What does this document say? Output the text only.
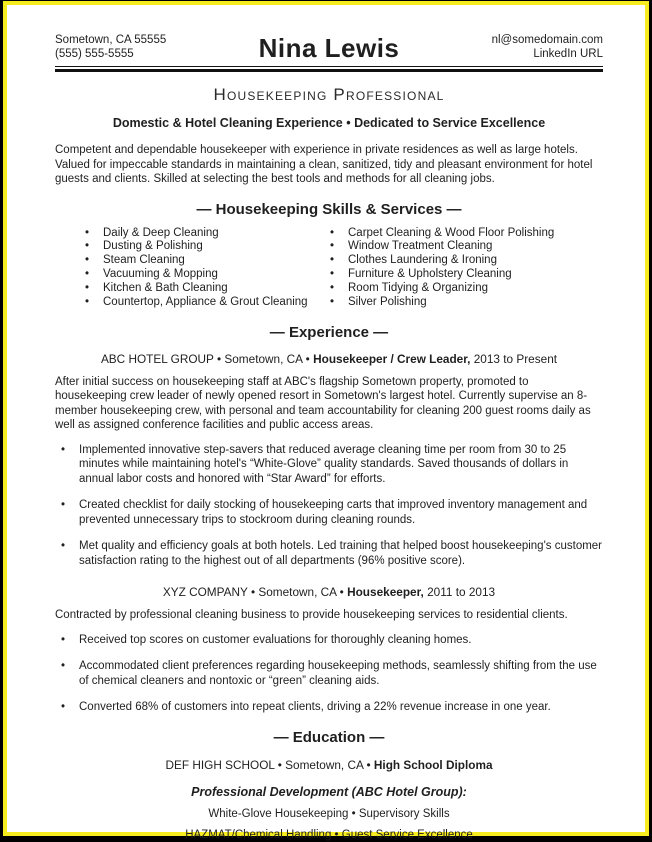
Sometown, CA 55555
(555) 555-5555	Nina Lewis	nl@somedomain.com
LinkedIn URL
Housekeeping Professional
Domestic & Hotel Cleaning Experience • Dedicated to Service Excellence
Competent and dependable housekeeper with experience in private residences as well as large hotels. Valued for impeccable standards in maintaining a clean, sanitized, tidy and pleasant environment for hotel guests and clients. Skilled at selecting the best tools and methods for all cleaning jobs.
— Housekeeping Skills & Services —
• Daily & Deep Cleaning
• Dusting & Polishing
• Steam Cleaning
• Vacuuming & Mopping
• Kitchen & Bath Cleaning
• Countertop, Appliance & Grout Cleaning
• Carpet Cleaning & Wood Floor Polishing
• Window Treatment Cleaning
• Clothes Laundering & Ironing
• Furniture & Upholstery Cleaning
• Room Tidying & Organizing
• Silver Polishing
— Experience —
ABC HOTEL GROUP • Sometown, CA • Housekeeper / Crew Leader, 2013 to Present
After initial success on housekeeping staff at ABC's flagship Sometown property, promoted to housekeeping crew leader of newly opened resort in Sometown's largest hotel. Currently supervise an 8-member housekeeping crew, with personal and team accountability for cleaning 200 guest rooms daily as well as assigned conference facilities and public access areas.
• Implemented innovative step-savers that reduced average cleaning time per room from 30 to 25 minutes while maintaining hotel's “White-Glove” quality standards. Saved thousands of dollars in annual labor costs and honored with “Star Award” for efforts.
• Created checklist for daily stocking of housekeeping carts that improved inventory management and prevented unnecessary trips to stockroom during cleaning rounds.
• Met quality and efficiency goals at both hotels. Led training that helped boost housekeeping's customer satisfaction rating to the highest out of all departments (96% positive score).
XYZ COMPANY • Sometown, CA • Housekeeper, 2011 to 2013
Contracted by professional cleaning business to provide housekeeping services to residential clients.
• Received top scores on customer evaluations for thoroughly cleaning homes.
• Accommodated client preferences regarding housekeeping methods, seamlessly shifting from the use of chemical cleaners and nontoxic or “green” cleaning aids.
• Converted 68% of customers into repeat clients, driving a 22% revenue increase in one year.
— Education —
DEF HIGH SCHOOL • Sometown, CA • High School Diploma
Professional Development (ABC Hotel Group):
White-Glove Housekeeping • Supervisory Skills
HAZMAT/Chemical Handling • Guest Service Excellence
